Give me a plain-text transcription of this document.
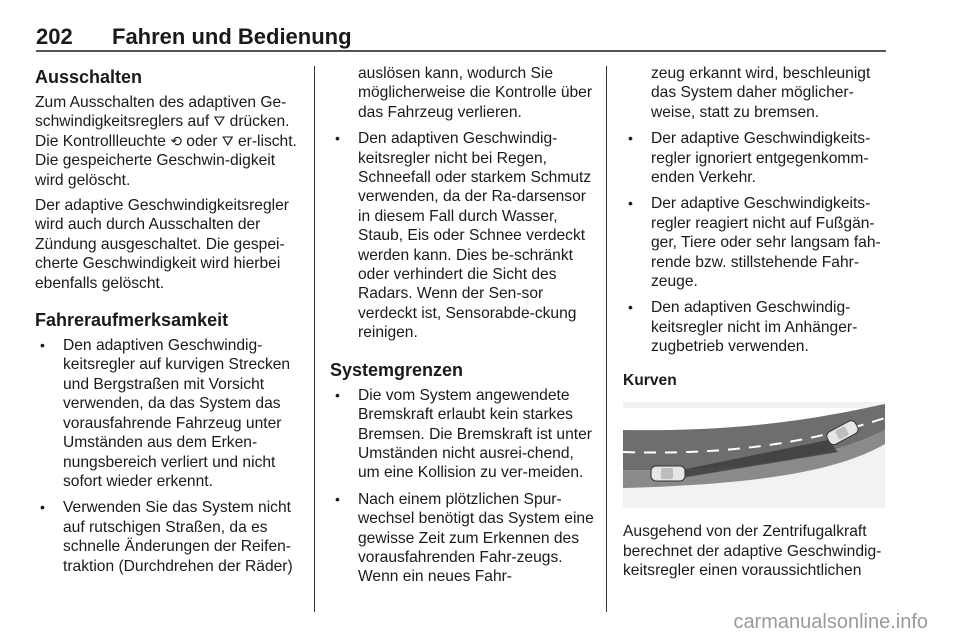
202 Fahren und Bedienung
Ausschalten

Zum Ausschalten des adaptiven Ge-schwindigkeitsreglers auf ⛛ drücken. Die Kontrollleuchte ⟲ oder ⛛ er-lischt. Die gespeicherte Geschwin-digkeit wird gelöscht.

Der adaptive Geschwindigkeitsregler wird auch durch Ausschalten der Zündung ausgeschaltet. Die gespei-cherte Geschwindigkeit wird hierbei ebenfalls gelöscht.

Fahreraufmerksamkeit
• Den adaptiven Geschwindig-keitsregler auf kurvigen Strecken und Bergstraßen mit Vorsicht verwenden, da das System das vorausfahrende Fahrzeug unter Umständen aus dem Erken-nungsbereich verliert und nicht sofort wieder erkennt.
• Verwenden Sie das System nicht auf rutschigen Straßen, da es schnelle Änderungen der Reifen-traktion (Durchdrehen der Räder)
auslösen kann, wodurch Sie möglicherweise die Kontrolle über das Fahrzeug verlieren.
• Den adaptiven Geschwindig-keitsregler nicht bei Regen, Schneefall oder starkem Schmutz verwenden, da der Ra-darsensor in diesem Fall durch Wasser, Staub, Eis oder Schnee verdeckt werden kann. Dies be-schränkt oder verhindert die Sicht des Radars. Wenn der Sen-sor verdeckt ist, Sensorabde-ckung reinigen.
Systemgrenzen
• Die vom System angewendete Bremskraft erlaubt kein starkes Bremsen. Die Bremskraft ist unter Umständen nicht ausrei-chend, um eine Kollision zu ver-meiden.
• Nach einem plötzlichen Spur-wechsel benötigt das System eine gewisse Zeit zum Erkennen des vorausfahrenden Fahr-zeugs. Wenn ein neues Fahr-
zeug erkannt wird, beschleunigt das System daher möglicher-weise, statt zu bremsen.
• Der adaptive Geschwindigkeits-regler ignoriert entgegenkomm-enden Verkehr.
• Der adaptive Geschwindigkeits-regler reagiert nicht auf Fußgän-ger, Tiere oder sehr langsam fah-rende bzw. stillstehende Fahr-zeuge.
• Den adaptiven Geschwindig-keitsregler nicht im Anhänger-zugbetrieb verwenden.
Kurven

Ausgehend von der Zentrifugalkraft berechnet der adaptive Geschwindig-keitsregler einen voraussichtlichen

carmanualsonline.info
